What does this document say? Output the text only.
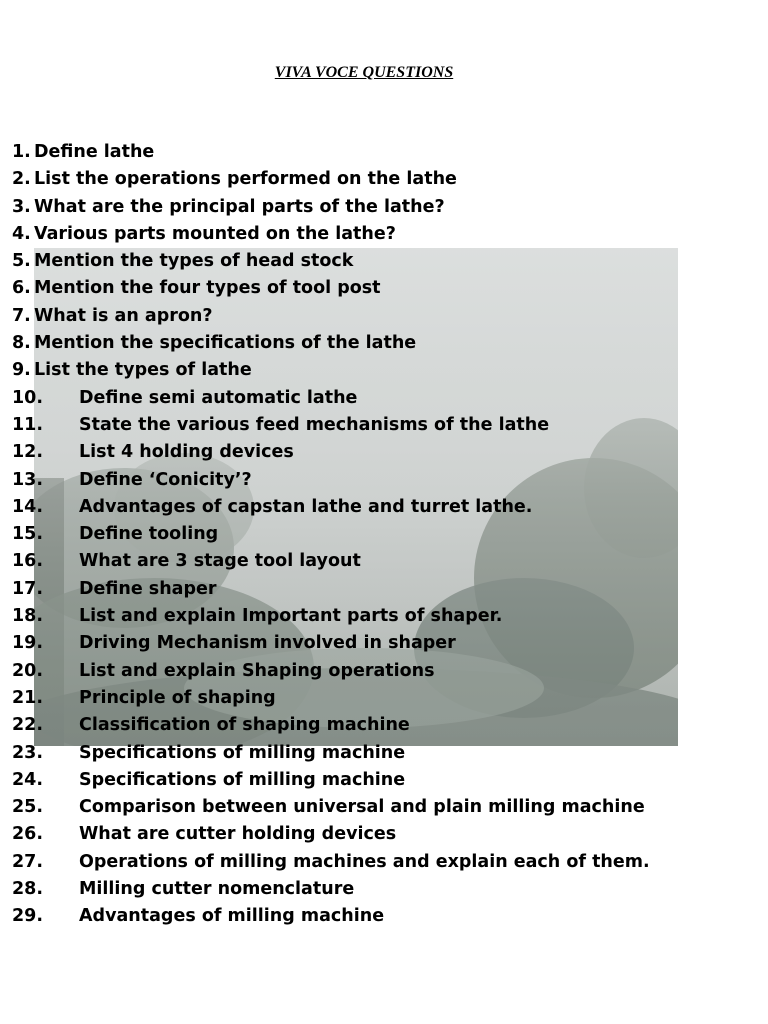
VIVA VOCE QUESTIONS
1. Define lathe
2. List the operations performed on the lathe
3. What are the principal parts of the lathe?
4. Various parts mounted on the lathe?
5. Mention the types of head stock
6. Mention the four types of tool post
7. What is an apron?
8. Mention the specifications of the lathe
9. List the types of lathe
10.	Define semi automatic lathe
11.	State the various feed mechanisms of the lathe
12.	List 4 holding devices
13.	Define ‘Conicity’?
14.	Advantages of capstan lathe and turret lathe.
15.	Define tooling
16.	What are 3 stage tool layout
17.	Define shaper
18.	List and explain Important parts of shaper.
19.	Driving Mechanism involved in shaper
20.	List and explain Shaping operations
21.	Principle of shaping
22.	Classification of shaping machine
23.	Specifications of milling machine
24.	Specifications of milling machine
25.	Comparison between universal and plain milling machine
26.	What are cutter holding devices
27.	Operations of milling machines and explain each of them.
28.	Milling cutter nomenclature
29.	Advantages of milling machine
